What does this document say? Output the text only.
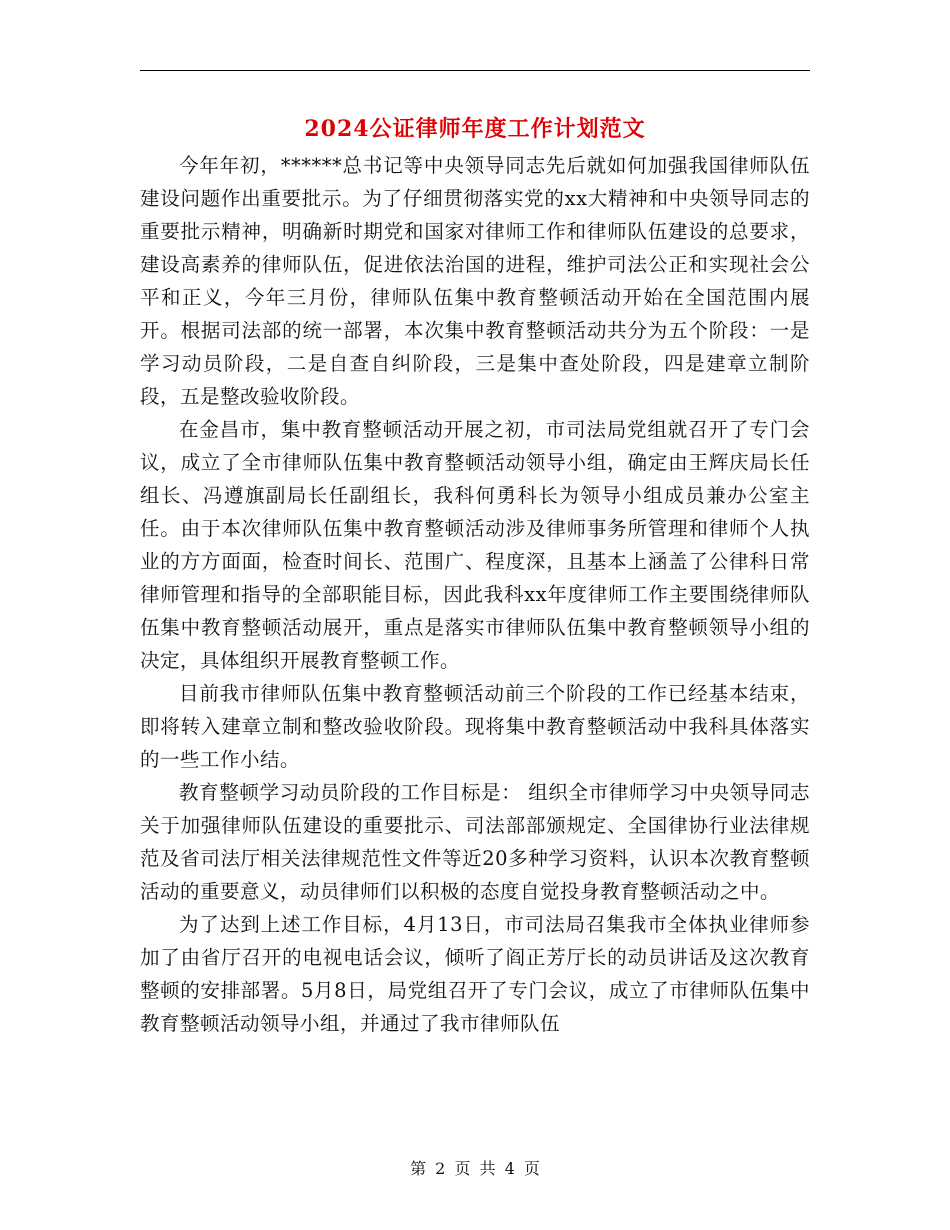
2024公证律师年度工作计划范文

今年年初，******总书记等中央领导同志先后就如何加强我国律师队伍建设问题作出重要批示。为了仔细贯彻落实党的xx大精神和中央领导同志的重要批示精神，明确新时期党和国家对律师工作和律师队伍建设的总要求，建设高素养的律师队伍，促进依法治国的进程，维护司法公正和实现社会公平和正义，今年三月份，律师队伍集中教育整顿活动开始在全国范围内展开。根据司法部的统一部署，本次集中教育整顿活动共分为五个阶段：一是学习动员阶段，二是自查自纠阶段，三是集中查处阶段，四是建章立制阶段，五是整改验收阶段。

在金昌市，集中教育整顿活动开展之初，市司法局党组就召开了专门会议，成立了全市律师队伍集中教育整顿活动领导小组，确定由王辉庆局长任组长、冯遵旗副局长任副组长，我科何勇科长为领导小组成员兼办公室主任。由于本次律师队伍集中教育整顿活动涉及律师事务所管理和律师个人执业的方方面面，检查时间长、范围广、程度深，且基本上涵盖了公律科日常律师管理和指导的全部职能目标，因此我科xx年度律师工作主要围绕律师队伍集中教育整顿活动展开，重点是落实市律师队伍集中教育整顿领导小组的决定，具体组织开展教育整顿工作。

目前我市律师队伍集中教育整顿活动前三个阶段的工作已经基本结束，即将转入建章立制和整改验收阶段。现将集中教育整顿活动中我科具体落实的一些工作小结。

教育整顿学习动员阶段的工作目标是： 组织全市律师学习中央领导同志关于加强律师队伍建设的重要批示、司法部部颁规定、全国律协行业法律规范及省司法厅相关法律规范性文件等近20多种学习资料，认识本次教育整顿活动的重要意义，动员律师们以积极的态度自觉投身教育整顿活动之中。

为了达到上述工作目标，4月13日，市司法局召集我市全体执业律师参加了由省厅召开的电视电话会议，倾听了阎正芳厅长的动员讲话及这次教育整顿的安排部署。5月8日，局党组召开了专门会议，成立了市律师队伍集中教育整顿活动领导小组，并通过了我市律师队伍

第 2 页 共 4 页
